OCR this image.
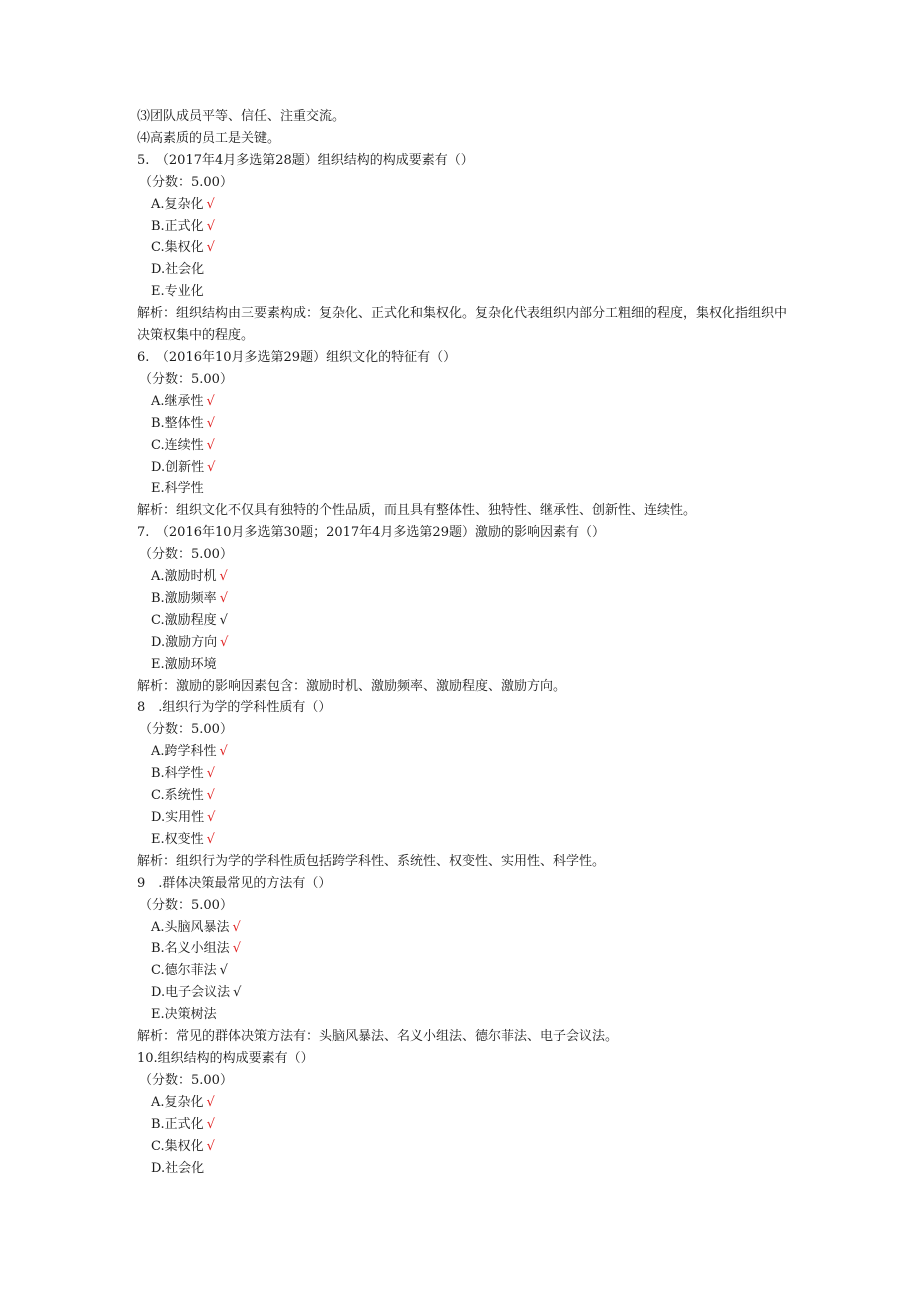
⑶团队成员平等、信任、注重交流。
⑷高素质的员工是关键。
5.　（2017年4月多选第28题）组织结构的构成要素有（）
（分数：5.00）
A.复杂化 √
B.正式化 √
C.集权化 √
D.社会化
E.专业化
解析：组织结构由三要素构成：复杂化、正式化和集权化。复杂化代表组织内部分工粗细的程度，集权化指组织中决策权集中的程度。
6.　（2016年10月多选第29题）组织文化的特征有（）
（分数：5.00）
A.继承性 √
B.整体性 √
C.连续性 √
D.创新性 √
E.科学性
解析：组织文化不仅具有独特的个性品质，而且具有整体性、独特性、继承性、创新性、连续性。
7.　（2016年10月多选第30题；2017年4月多选第29题）激励的影响因素有（）
（分数：5.00）
A.激励时机 √
B.激励频率 √
C.激励程度 √
D.激励方向 √
E.激励环境
解析：激励的影响因素包含：激励时机、激励频率、激励程度、激励方向。
8　.组织行为学的学科性质有（）
（分数：5.00）
A.跨学科性 √
B.科学性 √
C.系统性 √
D.实用性 √
E.权变性 √
解析：组织行为学的学科性质包括跨学科性、系统性、权变性、实用性、科学性。
9　.群体决策最常见的方法有（）
（分数：5.00）
A.头脑风暴法 √
B.名义小组法 √
C.德尔菲法 √
D.电子会议法 √
E.决策树法
解析：常见的群体决策方法有：头脑风暴法、名义小组法、德尔菲法、电子会议法。
10.组织结构的构成要素有（）
（分数：5.00）
A.复杂化 √
B.正式化 √
C.集权化 √
D.社会化
